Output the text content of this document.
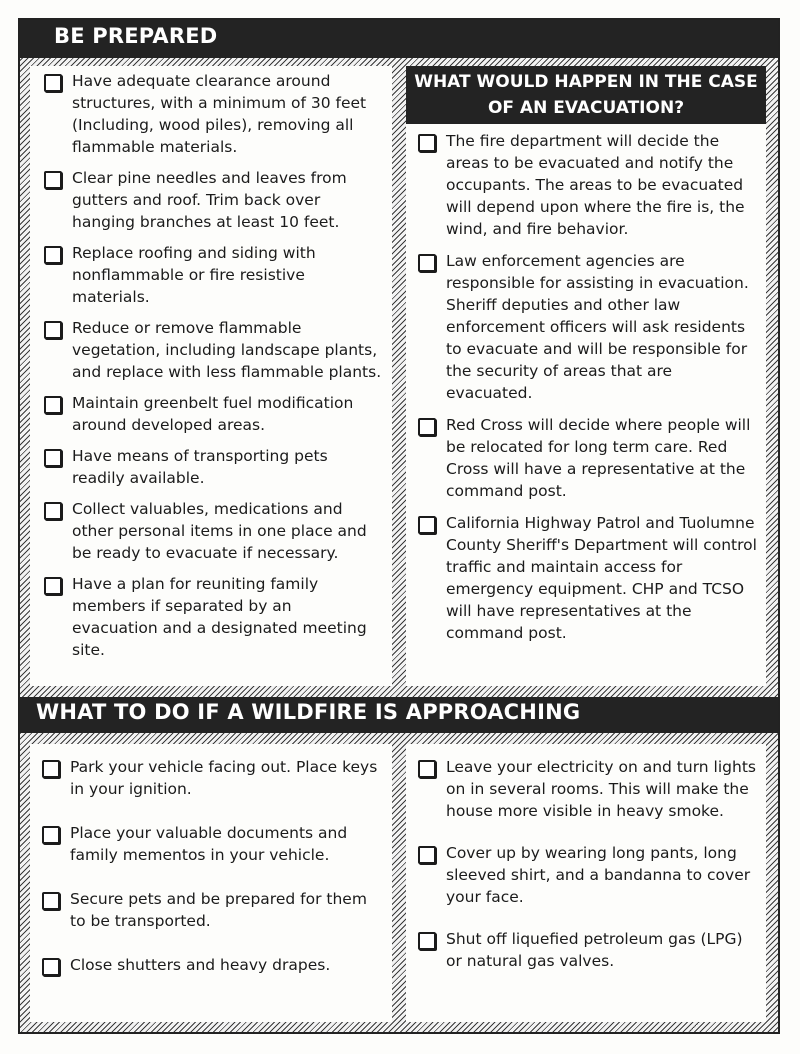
BE PREPARED
WHAT WOULD HAPPEN IN THE CASE OF AN EVACUATION?
Have adequate clearance around structures, with a minimum of 30 feet (Including, wood piles), removing all flammable materials.
Clear pine needles and leaves from gutters and roof. Trim back over hanging branches at least 10 feet.
Replace roofing and siding with nonflammable or fire resistive materials.
Reduce or remove flammable vegetation, including landscape plants, and replace with less flammable plants.
Maintain greenbelt fuel modification around developed areas.
Have means of transporting pets readily available.
Collect valuables, medications and other personal items in one place and be ready to evacuate if necessary.
Have a plan for reuniting family members if separated by an evacuation and a designated meeting site.
The fire department will decide the areas to be evacuated and notify the occupants. The areas to be evacuated will depend upon where the fire is, the wind, and fire behavior.
Law enforcement agencies are responsible for assisting in evacuation. Sheriff deputies and other law enforcement officers will ask residents to evacuate and will be responsible for the security of areas that are evacuated.
Red Cross will decide where people will be relocated for long term care. Red Cross will have a representative at the command post.
California Highway Patrol and Tuolumne County Sheriff's Department will control traffic and maintain access for emergency equipment. CHP and TCSO will have representatives at the command post.
WHAT TO DO IF A WILDFIRE IS APPROACHING
Park your vehicle facing out. Place keys in your ignition.
Place your valuable documents and family mementos in your vehicle.
Secure pets and be prepared for them to be transported.
Close shutters and heavy drapes.
Leave your electricity on and turn lights on in several rooms. This will make the house more visible in heavy smoke.
Cover up by wearing long pants, long sleeved shirt, and a bandanna to cover your face.
Shut off liquefied petroleum gas (LPG) or natural gas valves.
